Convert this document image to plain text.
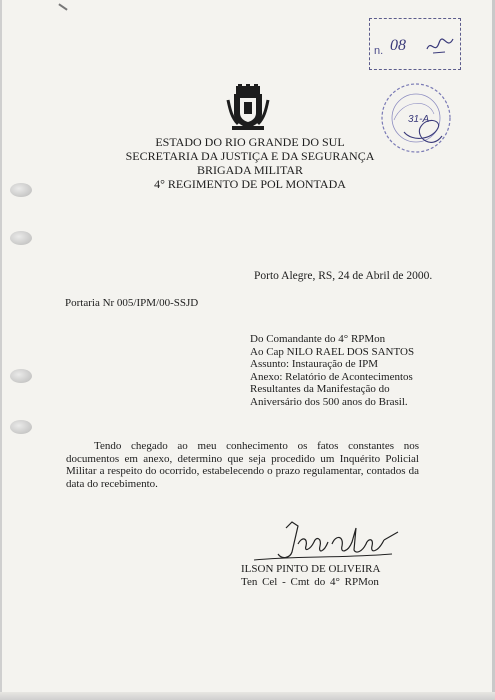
n. 08
31-A
ESTADO DO RIO GRANDE DO SUL
SECRETARIA DA JUSTIÇA E DA SEGURANÇA
BRIGADA MILITAR
4° REGIMENTO DE POL MONTADA
Porto Alegre, RS, 24 de Abril de 2000.
Portaria Nr 005/IPM/00-SSJD
Do Comandante do 4° RPMon
Ao Cap NILO RAEL DOS SANTOS
Assunto: Instauração de IPM
Anexo: Relatório de Acontecimentos
Resultantes da Manifestação do
Aniversário dos 500 anos do Brasil.
Tendo chegado ao meu conhecimento os fatos constantes nos documentos em anexo, determino que seja procedido um Inquérito Policial Militar a respeito do ocorrido, estabelecendo o prazo regulamentar, contados da data do recebimento.
ILSON PINTO DE OLIVEIRA
Ten Cel - Cmt do 4° RPMon
